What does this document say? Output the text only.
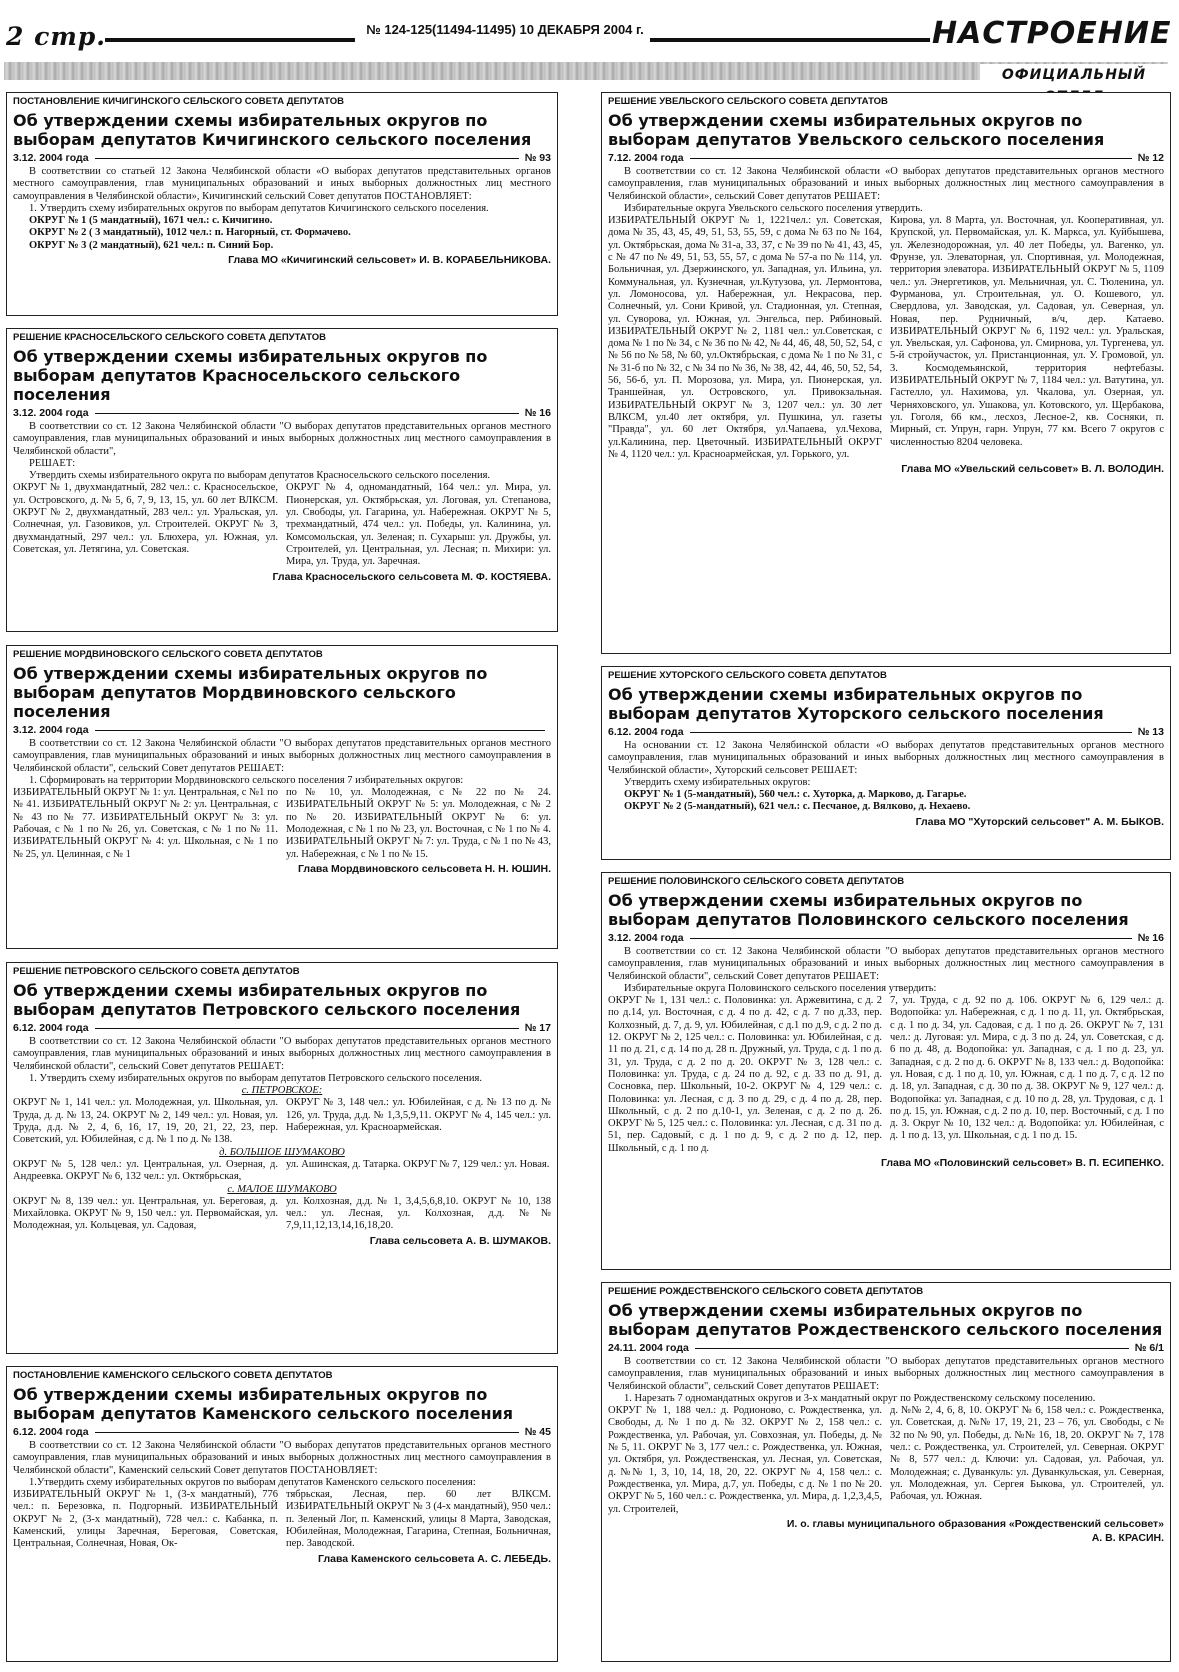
2 стр.	№ 124-125(11494-11495) 10 ДЕКАБРЯ 2004 г.	НАСТРОЕНИЕ
ОФИЦИАЛЬНЫЙ
ПОСТАНОВЛЕНИЕ КИЧИГИНСКОГО СЕЛЬСКОГО СОВЕТА ДЕПУТАТОВ
Об утверждении схемы избирательных округов по выборам депутатов Кичигинского сельского поселения
3.12. 2004 года	№ 93

В соответствии со статьей 12 Закона Челябинской области «О выборах депутатов представительных органов местного самоуправления, глав муниципальных образований и иных выборных должностных лиц местного самоуправления в Челябинской области», Кичигинский сельский Совет депутатов ПОСТАНОВЛЯЕТ:

1. Утвердить схему избирательных округов по выборам депутатов Кичигинского сельского поселения.

ОКРУГ № 1 (5 мандатный), 1671 чел.: с. Кичигино.

ОКРУГ № 2 ( 3 мандатный), 1012 чел.: п. Нагорный, ст. Формачево.

ОКРУГ № 3 (2 мандатный), 621 чел.: п. Синий Бор.

Глава МО «Кичигинский сельсовет» И. В. КОРАБЕЛЬНИКОВА.
РЕШЕНИЕ КРАСНОСЕЛЬСКОГО СЕЛЬСКОГО СОВЕТА ДЕПУТАТОВ
Об утверждении схемы избирательных округов по выборам депутатов Красносельского сельского поселения
3.12. 2004 года	№ 16

В соответствии со ст. 12 Закона Челябинской области "О выборах депутатов представительных органов местного самоуправления, глав муниципальных образований и иных выборных должностных лиц местного самоуправления в Челябинской области",

РЕШАЕТ:

Утвердить схемы избирательного округа по выборам депутатов Красносельского сельского поселения.

ОКРУГ № 1, двухмандатный, 282 чел.: с. Красносельское, ул. Островского, д. № 5, 6, 7, 9, 13, 15, ул. 60 лет ВЛКСМ. ОКРУГ № 2, двухмандатный, 283 чел.: ул. Уральская, ул. Солнечная, ул. Газовиков, ул. Строителей. ОКРУГ № 3, двухмандатный, 297 чел.: ул. Блюхера, ул. Южная, ул. Советская, ул. Летягина, ул. Советская.

ОКРУГ № 4, одномандатный, 164 чел.: ул. Мира, ул. Пионерская, ул. Октябрьская, ул. Логовая, ул. Степанова, ул. Свободы, ул. Гагарина, ул. Набережная. ОКРУГ № 5, трехмандатный, 474 чел.: ул. Победы, ул. Калинина, ул. Комсомольская, ул. Зеленая; п. Сухарыш: ул. Дружбы, ул. Строителей, ул. Центральная, ул. Лесная; п. Михири: ул. Мира, ул. Труда, ул. Заречная.

Глава Красносельского сельсовета М. Ф. КОСТЯЕВА.
РЕШЕНИЕ МОРДВИНОВСКОГО СЕЛЬСКОГО СОВЕТА ДЕПУТАТОВ
Об утверждении схемы избирательных округов по выборам депутатов Мордвиновского сельского поселения
3.12. 2004 года

В соответствии со ст. 12 Закона Челябинской области "О выборах депутатов представительных органов местного самоуправления, глав муниципальных образований и иных выборных должностных лиц местного самоуправления в Челябинской области", сельский Совет депутатов РЕШАЕТ:

1. Сформировать на территории Мордвиновского сельского поселения 7 избирательных округов:

ИЗБИРАТЕЛЬНЫЙ ОКРУГ № 1: ул. Центральная, с №1 по № 41. ИЗБИРАТЕЛЬНЫЙ ОКРУГ № 2: ул. Центральная, с № 43 по № 77. ИЗБИРАТЕЛЬНЫЙ ОКРУГ № 3: ул. Рабочая, с № 1 по № 26, ул. Советская, с № 1 по № 11. ИЗБИРАТЕЛЬНЫЙ ОКРУГ № 4: ул. Школьная, с № 1 по № 25, ул. Целинная, с № 1

по № 10, ул. Молодежная, с № 22 по № 24. ИЗБИРАТЕЛЬНЫЙ ОКРУГ № 5: ул. Молодежная, с № 2 по № 20. ИЗБИРАТЕЛЬНЫЙ ОКРУГ № 6: ул. Молодежная, с № 1 по № 23, ул. Восточная, с № 1 по № 4. ИЗБИРАТЕЛЬНЫЙ ОКРУГ № 7: ул. Труда, с № 1 по № 43, ул. Набережная, с № 1 по № 15.

Глава Мордвиновского сельсовета Н. Н. ЮШИН.
РЕШЕНИЕ ПЕТРОВСКОГО СЕЛЬСКОГО СОВЕТА ДЕПУТАТОВ
Об утверждении схемы избирательных округов по выборам депутатов Петровского сельского поселения
6.12. 2004 года	№ 17

В соответствии со ст. 12 Закона Челябинской области "О выборах депутатов представительных органов местного самоуправления, глав муниципальных образований и иных выборных должностных лиц местного самоуправления в Челябинской области", сельский Совет депутатов РЕШАЕТ:

1. Утвердить схему избирательных округов по выборам депутатов Петровского сельского поселения.

с. ПЕТРОВСКОЕ:

ОКРУГ № 1, 141 чел.: ул. Молодежная, ул. Школьная, ул. Труда, д. д. № 13, 24. ОКРУГ № 2, 149 чел.: ул. Новая, ул. Труда, д.д. № 2, 4, 6, 16, 17, 19, 20, 21, 22, 23, пер. Советский, ул. Юбилейная, с д. № 1 по д. № 138.

ОКРУГ № 3, 148 чел.: ул. Юбилейная, с д. № 13 по д. № 126, ул. Труда, д.д. № 1,3,5,9,11. ОКРУГ № 4, 145 чел.: ул. Набережная, ул. Красноармейская.

д. БОЛЬШОЕ ШУМАКОВО

ОКРУГ № 5, 128 чел.: ул. Центральная, ул. Озерная, д. Андреевка. ОКРУГ № 6, 132 чел.: ул. Октябрьская,

ул. Ашинская, д. Татарка. ОКРУГ № 7, 129 чел.: ул. Новая.

с. МАЛОЕ ШУМАКОВО

ОКРУГ № 8, 139 чел.: ул. Центральная, ул. Береговая, д. Михайловка. ОКРУГ № 9, 150 чел.: ул. Первомайская, ул. Молодежная, ул. Кольцевая, ул. Садовая,

ул. Колхозная, д.д. № 1, 3,4,5,6,8,10. ОКРУГ № 10, 138 чел.: ул. Лесная, ул. Колхозная, д.д. №№ 7,9,11,12,13,14,16,18,20.

Глава сельсовета А. В. ШУМАКОВ.
ПОСТАНОВЛЕНИЕ КАМЕНСКОГО СЕЛЬСКОГО СОВЕТА ДЕПУТАТОВ
Об утверждении схемы избирательных округов по выборам депутатов Каменского сельского поселения
6.12. 2004 года	№ 45

В соответствии со ст. 12 Закона Челябинской области "О выборах депутатов представительных органов местного самоуправления, глав муниципальных образований и иных выборных должностных лиц местного самоуправления в Челябинской области", Каменский сельский Совет депутатов ПОСТАНОВЛЯЕТ:

1.Утвердить схему избирательных округов по выборам депутатов Каменского сельского поселения:

ИЗБИРАТЕЛЬНЫЙ ОКРУГ № 1, (3-х мандатный), 776 чел.: п. Березовка, п. Подгорный. ИЗБИРАТЕЛЬНЫЙ ОКРУГ № 2, (3-х мандатный), 728 чел.: с. Кабанка, п. Каменский, улицы Заречная, Береговая, Советская, Центральная, Солнечная, Новая, Ок-

тябрьская, Лесная, пер. 60 лет ВЛКСМ. ИЗБИРАТЕЛЬНЫЙ ОКРУГ № 3 (4-х мандатный), 950 чел.: п. Зеленый Лог, п. Каменский, улицы 8 Марта, Заводская, Юбилейная, Молодежная, Гагарина, Степная, Больничная, пер. Заводской.

Глава Каменского сельсовета А. С. ЛЕБЕДЬ.
РЕШЕНИЕ УВЕЛЬСКОГО СЕЛЬСКОГО СОВЕТА ДЕПУТАТОВ
Об утверждении схемы избирательных округов по выборам депутатов Увельского сельского поселения
7.12. 2004 года	№ 12

В соответствии со ст. 12 Закона Челябинской области «О выборах депутатов представительных органов местного самоуправления, глав муниципальных образований и иных выборных должностных лиц местного самоуправления в Челябинской области», сельский Совет депутатов РЕШАЕТ:

Избирательные округа Увельского сельского поселения утвердить.

ИЗБИРАТЕЛЬНЫЙ ОКРУГ № 1, 1221чел.: ул. Советская, дома № 35, 43, 45, 49, 51, 53, 55, 59, с дома № 63 по № 164, ул. Октябрьская, дома № 31-а, 33, 37, с № 39 по № 41, 43, 45, с № 47 по № 49, 51, 53, 55, 57, с дома № 57-а по № 114, ул. Больничная, ул. Дзержинского, ул. Западная, ул. Ильина, ул. Коммунальная, ул. Кузнечная, ул.Кутузова, ул. Лермонтова, ул. Ломоносова, ул. Набережная, ул. Некрасова, пер. Солнечный, ул. Сони Кривой, ул. Стадионная, ул. Степная, ул. Суворова, ул. Южная, ул. Энгельса, пер. Рябиновый. ИЗБИРАТЕЛЬНЫЙ ОКРУГ № 2, 1181 чел.: ул.Советская, с дома № 1 по № 34, с № 36 по № 42, № 44, 46, 48, 50, 52, 54, с № 56 по № 58, № 60, ул.Октябрьская, с дома № 1 по № 31, с № 31-б по № 32, с № 34 по № 36, № 38, 42, 44, 46, 50, 52, 54, 56, 56-б, ул. П. Морозова, ул. Мира, ул. Пионерская, ул. Траншейная, ул. Островского, ул. Привокзальная. ИЗБИРАТЕЛЬНЫЙ ОКРУГ № 3, 1207 чел.: ул. 30 лет ВЛКСМ, ул.40 лет октября, ул. Пушкина, ул. газеты "Правда", ул. 60 лет Октября, ул.Чапаева, ул.Чехова, ул.Калинина, пер. Цветочный. ИЗБИРАТЕЛЬНЫЙ ОКРУГ № 4, 1120 чел.: ул. Красноармейская, ул. Горького, ул.

Кирова, ул. 8 Марта, ул. Восточная, ул. Кооперативная, ул. Крупской, ул. Первомайская, ул. К. Маркса, ул. Куйбышева, ул. Железнодорожная, ул. 40 лет Победы, ул. Вагенко, ул. Фрунзе, ул. Элеваторная, ул. Спортивная, ул. Молодежная, территория элеватора. ИЗБИРАТЕЛЬНЫЙ ОКРУГ № 5, 1109 чел.: ул. Энергетиков, ул. Мельничная, ул. С. Тюленина, ул. Фурманова, ул. Строительная, ул. О. Кошевого, ул. Свердлова, ул. Заводская, ул. Садовая, ул. Северная, ул. Новая, пер. Рудничный, в/ч, дер. Катаево. ИЗБИРАТЕЛЬНЫЙ ОКРУГ № 6, 1192 чел.: ул. Уральская, ул. Увельская, ул. Сафонова, ул. Смирнова, ул. Тургенева, ул. 5-й стройучасток, ул. Пристанционная, ул. У. Громовой, ул. 3. Космодемьянской, территория нефтебазы. ИЗБИРАТЕЛЬНЫЙ ОКРУГ № 7, 1184 чел.: ул. Ватутина, ул. Гастелло, ул. Нахимова, ул. Чкалова, ул. Озерная, ул. Черняховского, ул. Ушакова, ул. Котовского, ул. Щербакова, ул. Гоголя, 66 км., лесхоз, Лесное-2, кв. Сосняки, п. Мирный, ст. Упрун, гарн. Упрун, 77 км. Всего 7 округов с численностью 8204 человека.

Глава МО «Увельский сельсовет» В. Л. ВОЛОДИН.
РЕШЕНИЕ ХУТОРСКОГО СЕЛЬСКОГО СОВЕТА ДЕПУТАТОВ
Об утверждении схемы избирательных округов по выборам депутатов Хуторского сельского поселения
6.12. 2004 года	№ 13

На основании ст. 12 Закона Челябинской области «О выборах депутатов представительных органов местного самоуправления, глав муниципальных образований и иных выборных должностных лиц местного самоуправления в Челябинской области», Хуторский сельсовет РЕШАЕТ:

Утвердить схему избирательных округов:

ОКРУГ № 1 (5-мандатный), 560 чел.: с. Хуторка, д. Марково, д. Гагарье.

ОКРУГ № 2 (5-мандатный), 621 чел.: с. Песчаное, д. Вялково, д. Нехаево.

Глава МО "Хуторский сельсовет" А. М. БЫКОВ.
РЕШЕНИЕ ПОЛОВИНСКОГО СЕЛЬСКОГО СОВЕТА ДЕПУТАТОВ
Об утверждении схемы избирательных округов по выборам депутатов Половинского сельского поселения
3.12. 2004 года	№ 16

В соответствии со ст. 12 Закона Челябинской области "О выборах депутатов представительных органов местного самоуправления, глав муниципальных образований и иных выборных должностных лиц местного самоуправления в Челябинской области", сельский Совет депутатов РЕШАЕТ:

Избирательные округа Половинского сельского поселения утвердить:

ОКРУГ № 1, 131 чел.: с. Половинка: ул. Аржевитина, с д. 2 по д.14, ул. Восточная, с д. 4 по д. 42, с д. 7 по д.33, пер. Колхозный, д. 7, д. 9, ул. Юбилейная, с д.1 по д.9, с д. 2 по д. 12. ОКРУГ № 2, 125 чел.: с. Половинка: ул. Юбилейная, с д. 11 по д. 21, с д. 14 по д. 28 п. Дружный, ул. Труда, с д. 1 по д. 31, ул. Труда, с д. 2 по д. 20. ОКРУГ № 3, 128 чел.: с. Половинка: ул. Труда, с д. 24 по д. 92, с д. 33 по д. 91, д. Сосновка, пер. Школьный, 10-2. ОКРУГ № 4, 129 чел.: с. Половинка: ул. Лесная, с д. 3 по д. 29, с д. 4 по д. 28, пер. Школьный, с д. 2 по д.10-1, ул. Зеленая, с д. 2 по д. 26. ОКРУГ № 5, 125 чел.: с. Половинка: ул. Лесная, с д. 31 по д. 51, пер. Садовый, с д. 1 по д. 9, с д. 2 по д. 12, пер. Школьный, с д. 1 по д.

7, ул. Труда, с д. 92 по д. 106. ОКРУГ № 6, 129 чел.: д. Водопойка: ул. Набережная, с д. 1 по д. 11, ул. Октябрьская, с д. 1 по д. 34, ул. Садовая, с д. 1 по д. 26. ОКРУГ № 7, 131 чел.: д. Луговая: ул. Мира, с д. 3 по д. 24, ул. Советская, с д. 6 по д. 48, д. Водопойка: ул. Западная, с д. 1 по д. 23, ул. Западная, с д. 2 по д. 6. ОКРУГ № 8, 133 чел.: д. Водопойка: ул. Новая, с д. 1 по д. 10, ул. Южная, с д. 1 по д. 7, с д. 12 по д. 18, ул. Западная, с д. 30 по д. 38. ОКРУГ № 9, 127 чел.: д. Водопойка: ул. Западная, с д. 10 по д. 28, ул. Трудовая, с д. 1 по д. 15, ул. Южная, с д. 2 по д. 10, пер. Восточный, с д. 1 по д. 3. Округ № 10, 132 чел.: д. Водопойка: ул. Юбилейная, с д. 1 по д. 13, ул. Школьная, с д. 1 по д. 15.

Глава МО «Половинский сельсовет» В. П. ЕСИПЕНКО.
РЕШЕНИЕ РОЖДЕСТВЕНСКОГО СЕЛЬСКОГО СОВЕТА ДЕПУТАТОВ
Об утверждении схемы избирательных округов по выборам депутатов Рождественского сельского поселения
24.11. 2004 года	№ 6/1

В соответствии со ст. 12 Закона Челябинской области "О выборах депутатов представительных органов местного самоуправления, глав муниципальных образований и иных выборных должностных лиц местного самоуправления в Челябинской области", сельский Совет депутатов РЕШАЕТ:

1. Нарезать 7 одномандатных округов и 3-х мандатный округ по Рождественскому сельскому поселению.

ОКРУГ № 1, 188 чел.: д. Родионово, с. Рождественка, ул. Свободы, д. № 1 по д. № 32. ОКРУГ № 2, 158 чел.: с. Рождественка, ул. Рабочая, ул. Совхозная, ул. Победы, д. №№ 5, 11. ОКРУГ № 3, 177 чел.: с. Рождественка, ул. Южная, ул. Октября, ул. Рождественская, ул. Лесная, ул. Советская, д. №№ 1, 3, 10, 14, 18, 20, 22. ОКРУГ № 4, 158 чел.: с. Рождественка, ул. Мира, д.7, ул. Победы, с д. № 1 по № 20. ОКРУГ № 5, 160 чел.: с. Рождественка, ул. Мира, д. 1,2,3,4,5, ул. Строителей,

д. №№ 2, 4, 6, 8, 10. ОКРУГ № 6, 158 чел.: с. Рождественка, ул. Советская, д. №№ 17, 19, 21, 23 – 76, ул. Свободы, с № 32 по № 90, ул. Победы, д. №№ 16, 18, 20. ОКРУГ № 7, 178 чел.: с. Рождественка, ул. Строителей, ул. Северная. ОКРУГ № 8, 577 чел.: д. Ключи: ул. Садовая, ул. Рабочая, ул. Молодежная; с. Дуванкуль: ул. Дуванкульская, ул. Северная, ул. Молодежная, ул. Сергея Быкова, ул. Строителей, ул. Рабочая, ул. Южная.

И. о. главы муниципального образования «Рождественский сельсовет»
А. В. КРАСИН.
